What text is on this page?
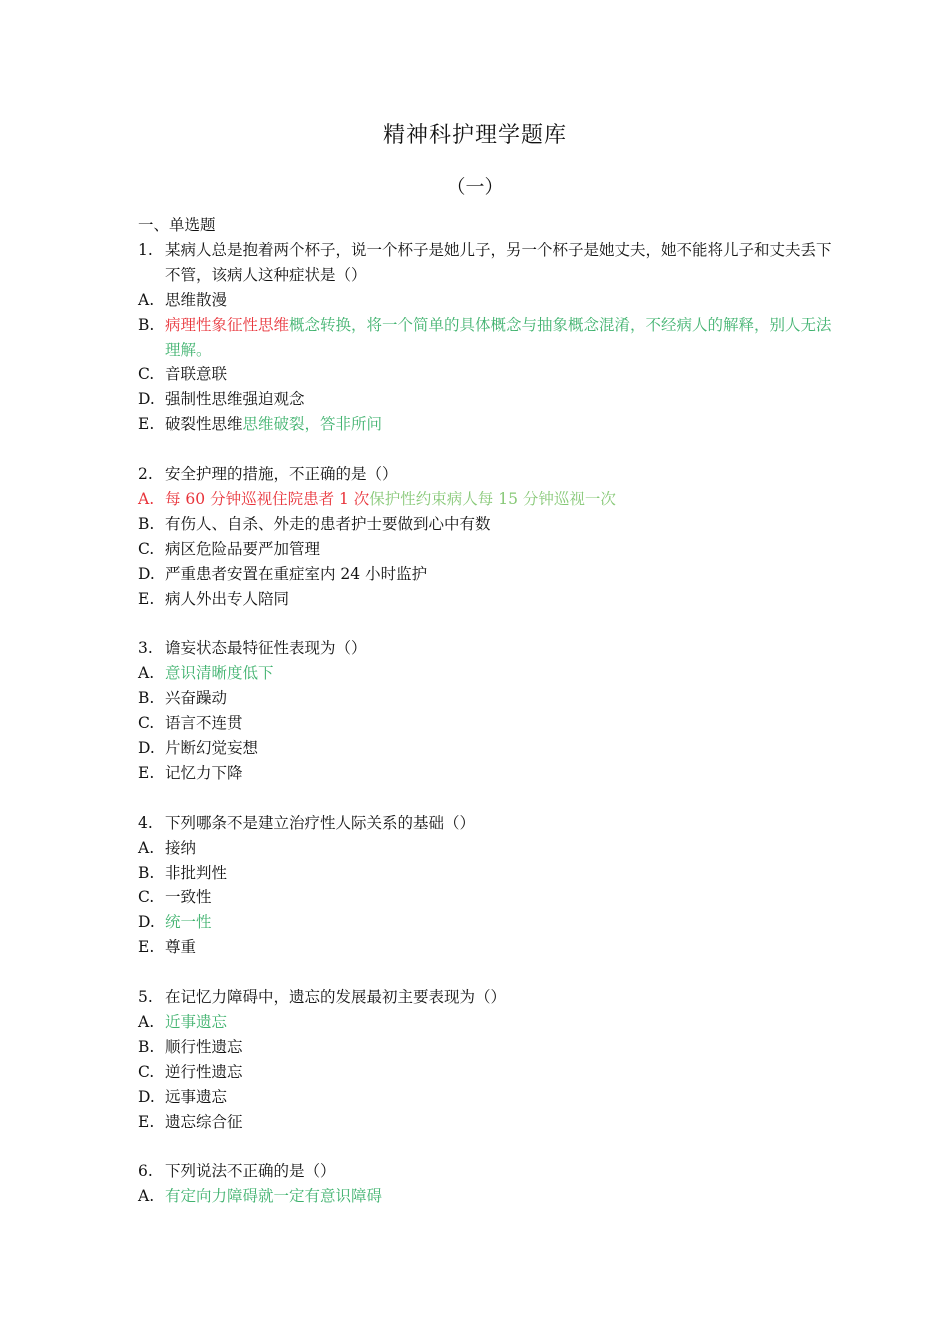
精神科护理学题库
（一）
一、单选题
1. 某病人总是抱着两个杯子，说一个杯子是她儿子，另一个杯子是她丈夫，她不能将儿子和丈夫丢下不管，该病人这种症状是（）
A. 思维散漫
B. 病理性象征性思维概念转换，将一个简单的具体概念与抽象概念混淆，不经病人的解释，别人无法理解。
C. 音联意联
D. 强制性思维强迫观念
E. 破裂性思维思维破裂，答非所问
2. 安全护理的措施，不正确的是（）
A. 每 60 分钟巡视住院患者 1 次保护性约束病人每 15 分钟巡视一次
B. 有伤人、自杀、外走的患者护士要做到心中有数
C. 病区危险品要严加管理
D. 严重患者安置在重症室内 24 小时监护
E. 病人外出专人陪同
3. 谵妄状态最特征性表现为（）
A. 意识清晰度低下
B. 兴奋躁动
C. 语言不连贯
D. 片断幻觉妄想
E. 记忆力下降
4. 下列哪条不是建立治疗性人际关系的基础（）
A. 接纳
B. 非批判性
C. 一致性
D. 统一性
E. 尊重
5. 在记忆力障碍中，遗忘的发展最初主要表现为（）
A. 近事遗忘
B. 顺行性遗忘
C. 逆行性遗忘
D. 远事遗忘
E. 遗忘综合征
6. 下列说法不正确的是（）
A. 有定向力障碍就一定有意识障碍
